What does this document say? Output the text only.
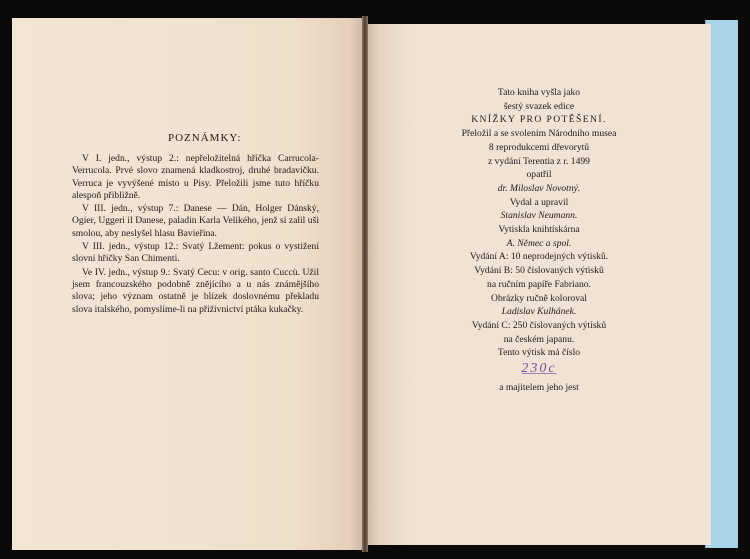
POZNÁMKY:

V I. jedn., výstup 2.: nepřeložitelná hříčka Carrucola-Verrucola. Prvé slovo znamená kladkostroj, druhé bradavičku. Verruca je vyvýšené místo u Pisy. Přeložili jsme tuto hříčku alespoň přibližně.

V III. jedn., výstup 7.: Danese — Dán, Holger Dánský, Ogier, Uggeri il Danese, paladin Karla Velikého, jenž si zalil uši smolou, aby neslyšel hlasu Bavieřina.

V III. jedn., výstup 12.: Svatý Lžement: pokus o vystižení slovní hříčky San Chimenti.

Ve IV. jedn., výstup 9.: Svatý Cecu: v orig. santo Cuccù. Užil jsem francouzského podobně znějícího a u nás známějšího slova; jeho význam ostatně je blízek doslovnému překladu slova italského, pomyslíme-li na přiživnictví ptáka kukačky.

Tato kniha vyšla jako
šestý svazek edice
KNÍŽKY PRO POTĚŠENÍ.
Přeložil a se svolením Národního musea
8 reprodukcemi dřevorytů
z vydání Terentia z r. 1499
opatřil
dr. Miloslav Novotný.
Vydal a upravil
Stanislav Neumann.
Vytiskla knihtiskárna
A. Němec a spol.
Vydání A: 10 neprodejných výtisků.
Vydání B: 50 číslovaných výtisků
na ručním papíře Fabriano.
Obrázky ručně koloroval
Ladislav Kulhánek.
Vydání C: 250 číslovaných výtisků
na českém japanu.
Tento výtisk má číslo
230c
a majitelem jeho jest
